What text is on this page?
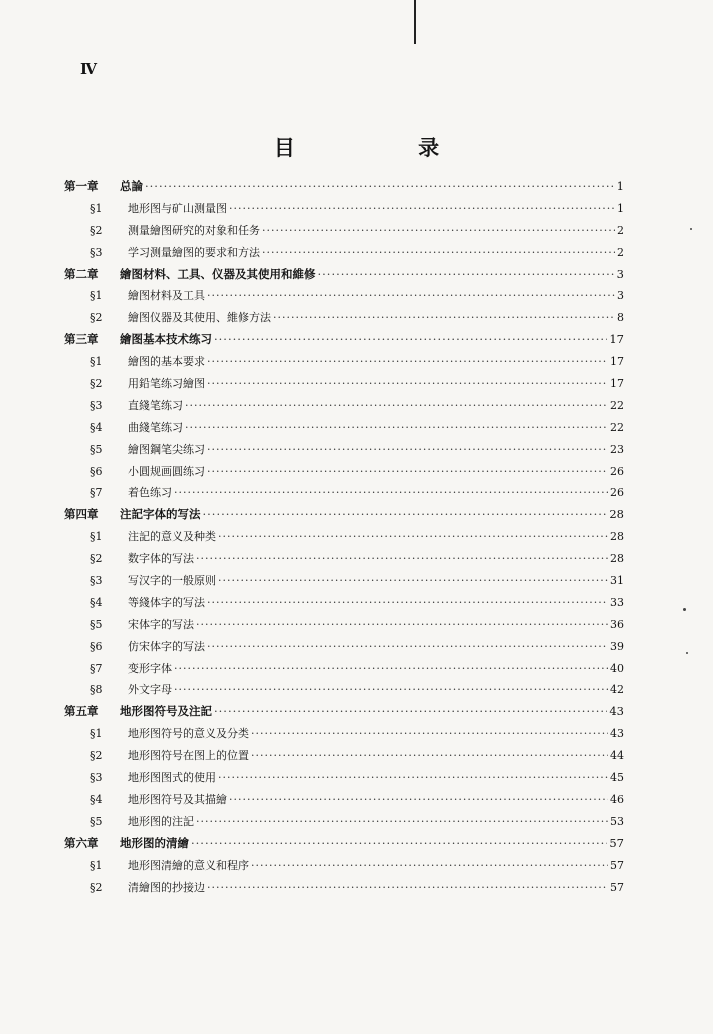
Ⅳ
目 录
第一章	总論 ·····	1
§1	地形图与矿山测量图 ·····	1
§2	测量繪图研究的对象和任务 ·····	2
§3	学习测量繪图的要求和方法 ·····	2
第二章	繪图材料、工具、仪器及其使用和維修 ·····	3
§1	繪图材料及工具 ·····	3
§2	繪图仪器及其使用、維修方法 ·····	8
第三章	繪图基本技术练习 ·····	17
§1	繪图的基本要求 ·····	17
§2	用鉛笔练习繪图 ·····	17
§3	直綫笔练习 ·····	22
§4	曲綫笔练习 ·····	22
§5	繪图鋼笔尖练习 ·····	23
§6	小圓规画圓练习 ·····	26
§7	着色练习 ·····	26
第四章	注記字体的写法 ·····	28
§1	注記的意义及种类 ·····	28
§2	数字体的写法 ·····	28
§3	写汉字的一般原则 ·····	31
§4	等綫体字的写法 ·····	33
§5	宋体字的写法 ·····	36
§6	仿宋体字的写法 ·····	39
§7	变形字体 ·····	40
§8	外文字母 ·····	42
第五章	地形图符号及注記 ·····	43
§1	地形图符号的意义及分类 ·····	43
§2	地形图符号在图上的位置 ·····	44
§3	地形图图式的使用 ·····	45
§4	地形图符号及其描繪 ·····	46
§5	地形图的注記 ·····	53
第六章	地形图的清繪 ·····	57
§1	地形图清繪的意义和程序 ·····	57
§2	清繪图的抄接边 ·····	57
